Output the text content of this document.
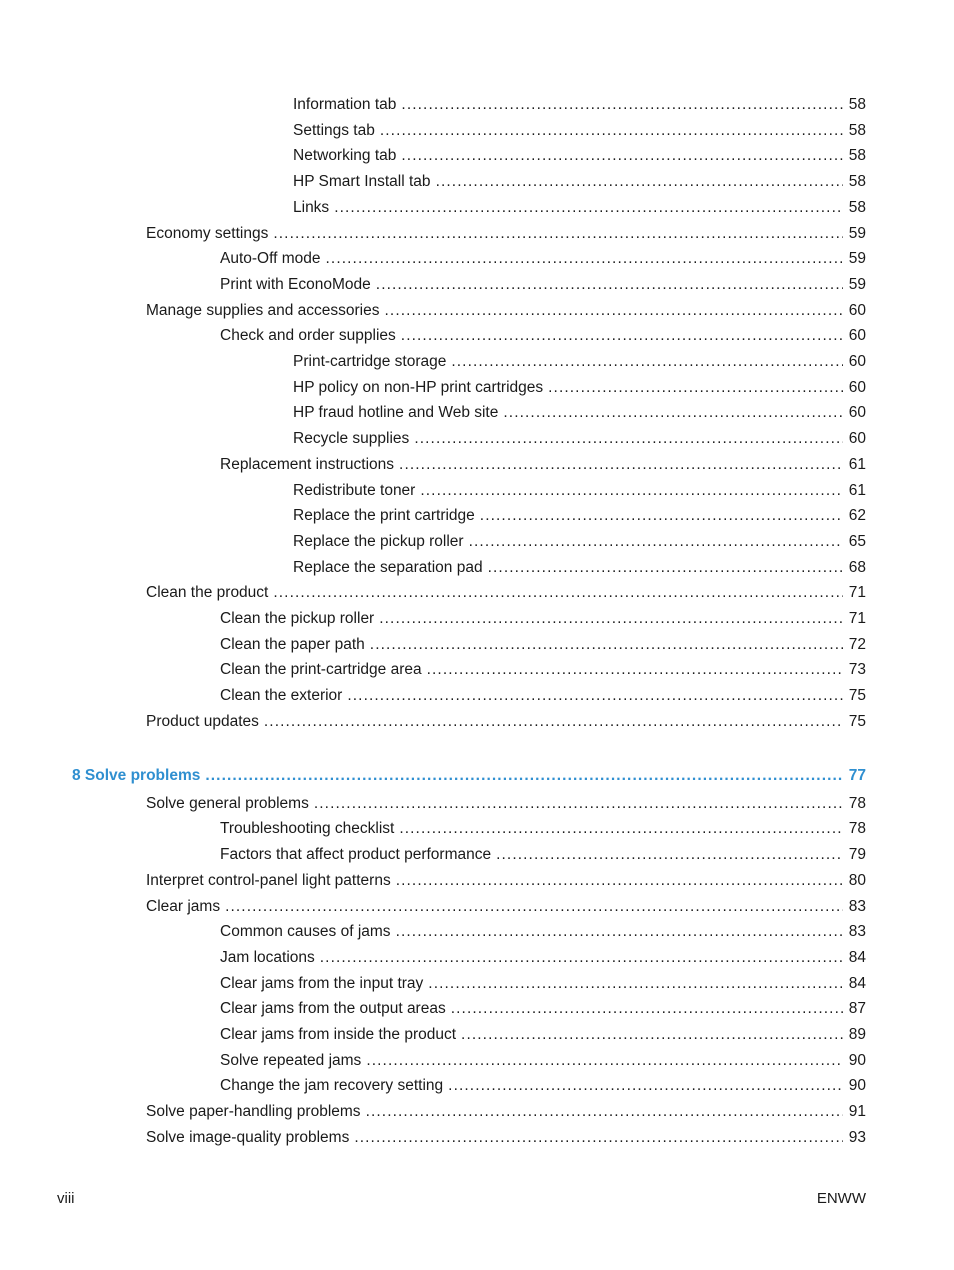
Information tab .....	58
Settings tab .....	58
Networking tab .....	58
HP Smart Install tab .....	58
Links .....	58
Economy settings .....	59
Auto-Off mode .....	59
Print with EconoMode .....	59
Manage supplies and accessories .....	60
Check and order supplies .....	60
Print-cartridge storage .....	60
HP policy on non-HP print cartridges .....	60
HP fraud hotline and Web site .....	60
Recycle supplies .....	60
Replacement instructions .....	61
Redistribute toner .....	61
Replace the print cartridge .....	62
Replace the pickup roller .....	65
Replace the separation pad .....	68
Clean the product .....	71
Clean the pickup roller .....	71
Clean the paper path .....	72
Clean the print-cartridge area .....	73
Clean the exterior .....	75
Product updates .....	75
8 Solve problems .....	77
Solve general problems .....	78
Troubleshooting checklist .....	78
Factors that affect product performance .....	79
Interpret control-panel light patterns .....	80
Clear jams .....	83
Common causes of jams .....	83
Jam locations .....	84
Clear jams from the input tray .....	84
Clear jams from the output areas .....	87
Clear jams from inside the product .....	89
Solve repeated jams .....	90
Change the jam recovery setting .....	90
Solve paper-handling problems .....	91
Solve image-quality problems .....	93
viii	ENWW
